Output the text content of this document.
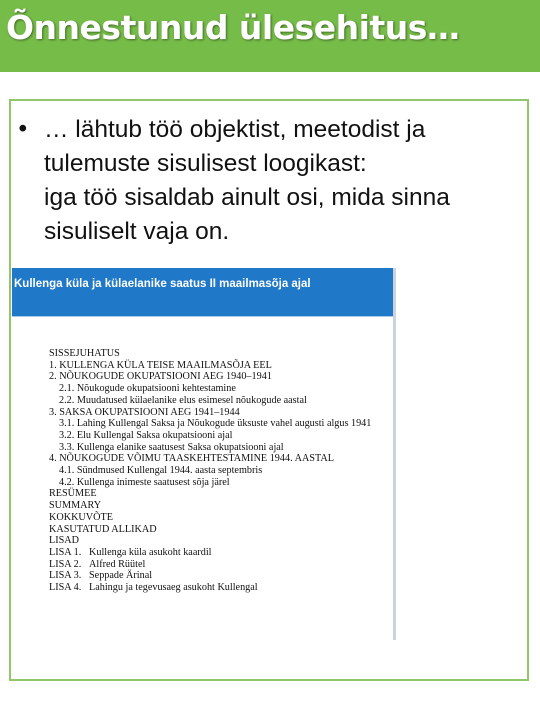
Õnnestunud ülesehitus…
• … lähtub töö objektist, meetodist ja
tulemuste sisulisest loogikast:
iga töö sisaldab ainult osi, mida sinna
sisuliselt vaja on.
Kullenga küla ja külaelanike saatus II maailmasõja ajal
SISSEJUHATUS
1. KULLENGA KÜLA TEISE MAAILMASÕJA EEL
2. NÕUKOGUDE OKUPATSIOONI AEG 1940–1941
2.1. Nõukogude okupatsiooni kehtestamine
2.2. Muudatused külaelanike elus esimesel nõukogude aastal
3. SAKSA OKUPATSIOONI AEG 1941–1944
3.1. Lahing Kullengal Saksa ja Nõukogude üksuste vahel augusti algus 1941
3.2. Elu Kullengal Saksa okupatsiooni ajal
3.3. Kullenga elanike saatusest Saksa okupatsiooni ajal
4. NÕUKOGUDE VÕIMU TAASKEHTESTAMINE 1944. AASTAL
4.1. Sündmused Kullengal 1944. aasta septembris
4.2. Kullenga inimeste saatusest sõja järel
RESÜMEE
SUMMARY
KOKKUVÕTE
KASUTATUD ALLIKAD
LISAD
LISA 1. Kullenga küla asukoht kaardil
LISA 2. Alfred Rüütel
LISA 3. Seppade Ärinal
LISA 4. Lahingu ja tegevusaeg asukoht Kullengal
